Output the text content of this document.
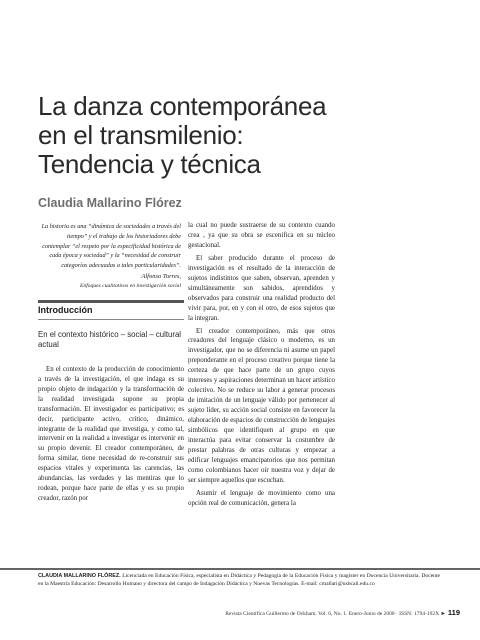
La danza contemporánea
en el transmilenio:
Tendencia y técnica

Claudia Mallarino Flórez

La historia es una “dinámica de sociedades a través del tiempo” y el trabajo de los historiadores debe contemplar “el respeto por la especificidad histórica de cada época y sociedad” y la “necesidad de construir categorías adecuadas a tales particularidades”.
Alfonso Torres,
Enfoques cualitativos en investigación social
Introducción
En el contexto histórico – social – cultural actual

En el contexto de la producción de conocimiento a través de la investigación, el que indaga es su propio objeto de indagación y la transformación de la realidad investigada supone su propia transformación. El investigador es participativo; es decir, participante activo, crítico, dinámico, integrante de la realidad que investiga, y como tal, intervenir en la realidad a investigar es intervenir en su propio devenir. El creador contemporáneo, de forma similar, tiene necesidad de re-construir sus espacios vitales y experimenta las carencias, las abundancias, las verdades y las mentiras que lo rodean, porque hace parte de ellas y es su propio creador, razón por

la cual no puede sustraerse de su contexto cuando crea , ya que su obra se escenifica en su núcleo gestacional.

El saber producido durante el proceso de investigación es el resultado de la interacción de sujetos indistintos que saben, observan, aprenden y simultáneamente son sabidos, aprendidos y observados para construir una realidad producto del vivir para, por, en y con el otro, de esos sujetos que la integran.

El creador contemporáneo, más que otros creadores del lenguaje clásico o moderno, es un investigador, que no se diferencia ni asume un papel preponderante en el proceso creativo porque tiene la certeza de que hace parte de un grupo cuyos intereses y aspiraciones determinan un hacer artístico colectivo. No se reduce su labor a generar procesos de imitación de un lenguaje válido por pertenecer al sujeto líder, su acción social consiste en favorecer la elaboración de espacios de construcción de lenguajes simbólicos que identifiquen al grupo en que interactúa para evitar conservar la costumbre de prestar palabras de otras culturas y empezar a edificar lenguajes emancipatorios que nos permitan como colombianos hacer oír nuestra voz y dejar de ser siempre aquellos que escuchan.

Asumir el lenguaje de movimiento como una opción real de comunicación, genera la

CLAUDIA MALLARINO FLÓREZ. Licenciada en Educación Física, especialista en Didáctica y Pedagogía de la Educación Física y magíster en Docencia Universitaria. Docente en la Maestría Educación: Desarrollo Humano y directora del campo de Indagación Didáctica y Nuevas Tecnologías. E-mail: cmallari@usbcali.edu.co

Revista Científica Guillermo de Ockham. Vol. 6, No. 1. Enero-Junio de 2008 · ISSN: 1794-192X ► 119
